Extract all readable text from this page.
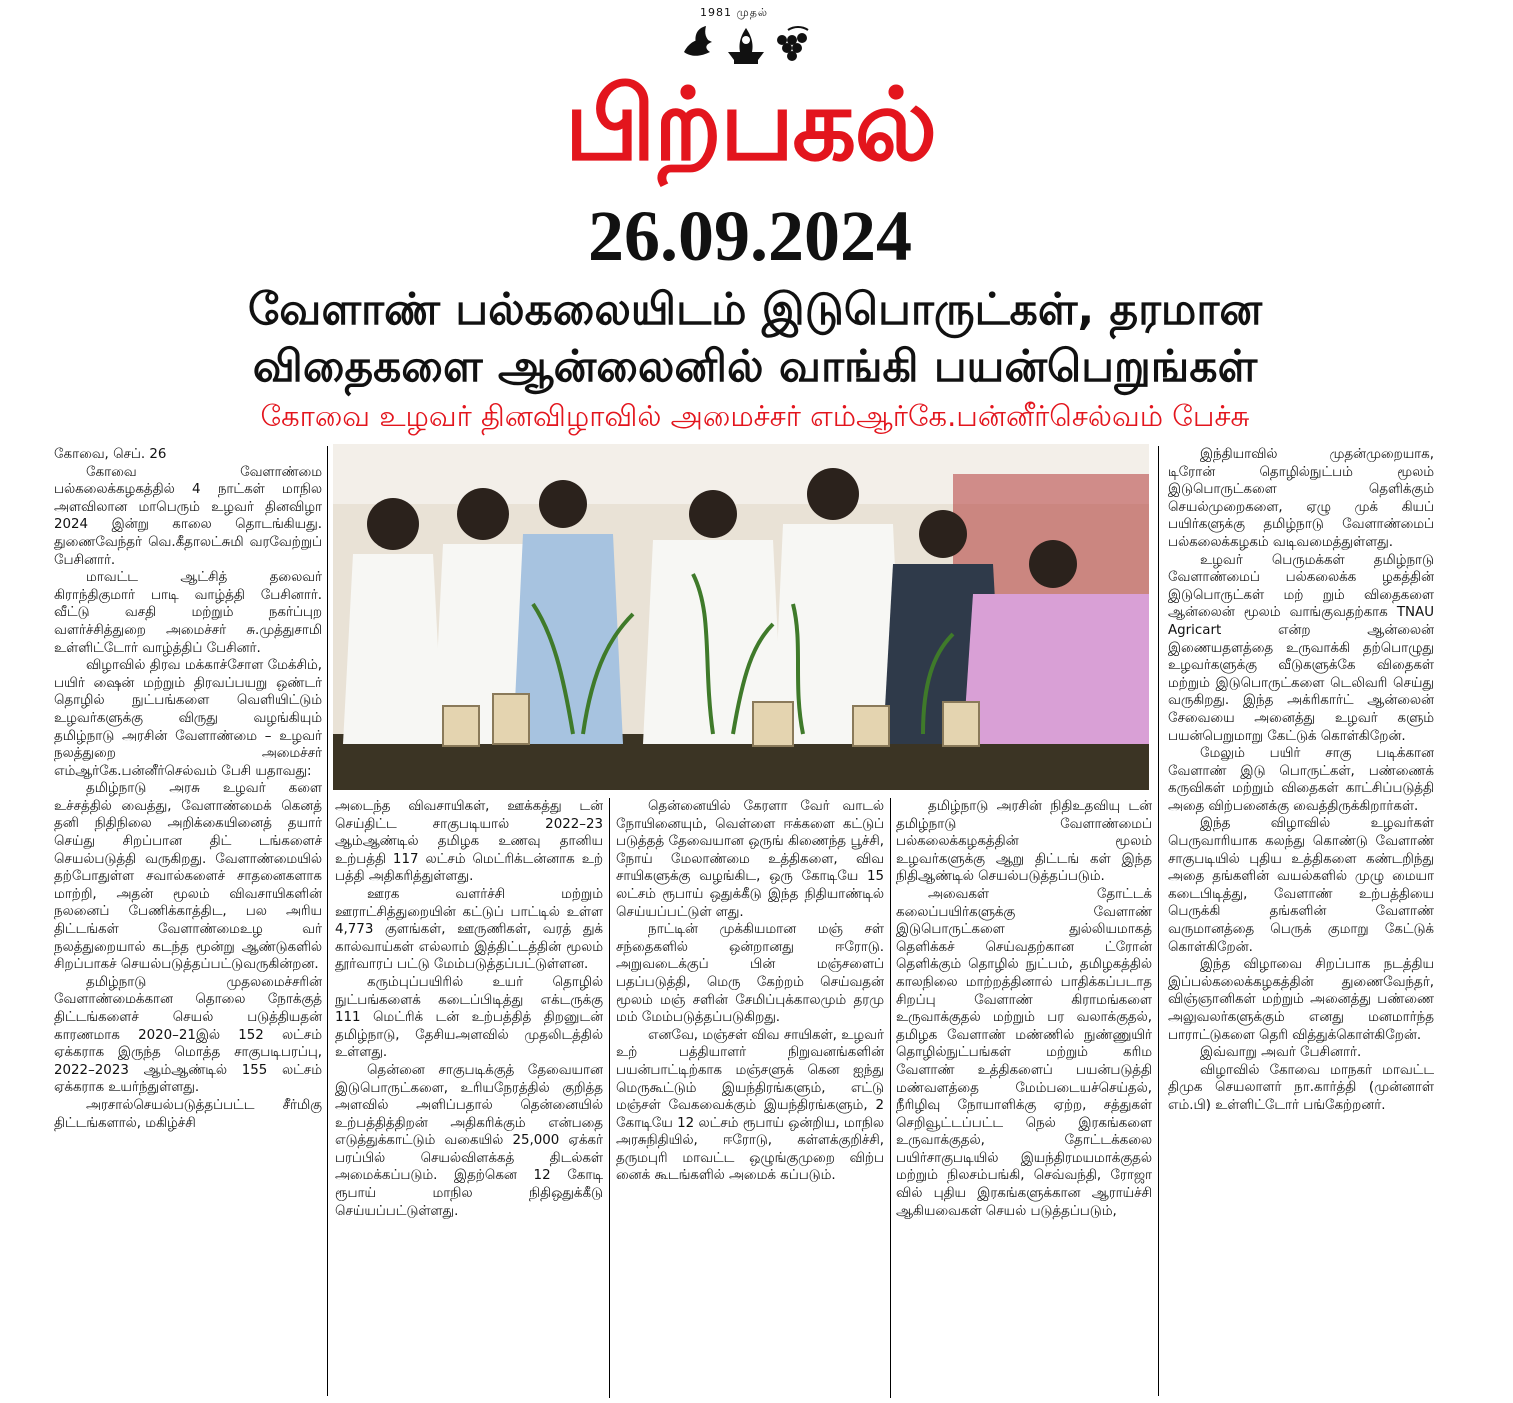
1981 முதல்
பிற்பகல்
26.09.2024
வேளாண் பல்கலையிடம் இடுபொருட்கள், தரமான
விதைகளை ஆன்லைனில் வாங்கி பயன்பெறுங்கள்
கோவை உழவர் தினவிழாவில் அமைச்சர் எம்ஆர்கே.பன்னீர்செல்வம் பேச்சு

கோவை, செப். 26

கோவை வேளாண்மை பல்கலைக்கழகத்தில் 4 நாட்கள் மாநில அளவிலான மாபெரும் உழவர் தினவிழா 2024 இன்று காலை தொடங்கியது. துணைவேந்தர் வெ.கீதாலட்சுமி வரவேற்றுப் பேசினார்.

மாவட்ட ஆட்சித் தலைவர் கிராந்திகுமார் பாடி வாழ்த்தி பேசினார். வீட்டு வசதி மற்றும் நகர்ப்புற வளர்ச்சித்துறை அமைச்சர் சு.முத்துசாமி உள்ளிட்டோர் வாழ்த்திப் பேசினர்.

விழாவில் திரவ மக்காச்சோள மேக்சிம், பயிர் ஷைன் மற்றும் திரவப்பயறு ஒண்டர் தொழில் நுட்பங்களை வெளியிட்டும் உழவர்களுக்கு விருது வழங்கியும் தமிழ்நாடு அரசின் வேளாண்மை – உழவர் நலத்துறை அமைச்சர் எம்ஆர்கே.பன்னீர்செல்வம் பேசி யதாவது:

தமிழ்நாடு அரசு உழவர் களை உச்சத்தில் வைத்து, வேளாண்மைக் கெனத் தனி நிதிநிலை அறிக்கையினைத் தயார் செய்து சிறப்பான திட் டங்களைச் செயல்படுத்தி வருகிறது. வேளாண்மையில் தற்போதுள்ள சவால்களைச் சாதனைகளாக மாற்றி, அதன் மூலம் விவசாயிகளின் நலனைப் பேணிக்காத்திட, பல அரிய திட்டங்கள் வேளாண்மைஉழ வர் நலத்துறையால் கடந்த மூன்று ஆண்டுகளில் சிறப்பாகச் செயல்படுத்தப்பட்டுவருகின்றன.

தமிழ்நாடு முதலமைச்சரின் வேளாண்மைக்கான தொலை நோக்குத் திட்டங்களைச் செயல் படுத்தியதன் காரணமாக 2020–21இல் 152 லட்சம் ஏக்கராக இருந்த மொத்த சாகுபடிபரப்பு, 2022–2023 ஆம்ஆண்டில் 155 லட்சம் ஏக்கராக உயர்ந்துள்ளது.

அரசால்செயல்படுத்தப்பட்ட சீர்மிகு திட்டங்களால், மகிழ்ச்சி

அடைந்த விவசாயிகள், ஊக்கத்து டன் செய்திட்ட சாகுபடியால் 2022–23 ஆம்ஆண்டில் தமிழக உணவு தானிய உற்பத்தி 117 லட்சம் மெட்ரிக்டன்னாக உற் பத்தி அதிகரித்துள்ளது.

ஊரக வளர்ச்சி மற்றும் ஊராட்சித்துறையின் கட்டுப் பாட்டில் உள்ள 4,773 குளங்கள், ஊருணிகள், வரத் துக் கால்வாய்கள் எல்லாம் இத்திட்டத்தின் மூலம் தூர்வாரப் பட்டு மேம்படுத்தப்பட்டுள்ளன.

கரும்புப்பயிரில் உயர் தொழில் நுட்பங்களைக் கடைப்பிடித்து எக்டருக்கு 111 மெட்ரிக் டன் உற்பத்தித் திறனுடன் தமிழ்நாடு, தேசியஅளவில் முதலிடத்தில் உள்ளது.

தென்னை சாகுபடிக்குத் தேவையான இடுபொருட்களை, உரியநேரத்தில் குறித்த அளவில் அளிப்பதால் தென்னையில் உற்பத்தித்திறன் அதிகரிக்கும் என்பதை எடுத்துக்காட்டும் வகையில் 25,000 ஏக்கர் பரப்பில் செயல்விளக்கத் திடல்கள் அமைக்கப்படும். இதற்கென 12 கோடி ரூபாய் மாநில நிதிஒதுக்கீடு செய்யப்பட்டுள்ளது.

தென்னையில் கேரளா வேர் வாடல் நோயினையும், வெள்ளை ஈக்களை கட்டுப் படுத்தத் தேவையான ஒருங் கிணைந்த பூச்சி, நோய் மேலாண்மை உத்திகளை, விவ சாயிகளுக்கு வழங்கிட, ஒரு கோடியே 15 லட்சம் ரூபாய் ஒதுக்கீடு இந்த நிதியாண்டில் செய்யப்பட்டுள் ளது.

நாட்டின் முக்கியமான மஞ் சள் சந்தைகளில் ஒன்றானது ஈரோடு. அறுவடைக்குப் பின் மஞ்சளைப் பதப்படுத்தி, மெரு கேற்றம் செய்வதன் மூலம் மஞ் சளின் சேமிப்புக்காலமும் தரமு மம் மேம்படுத்தப்படுகிறது.

எனவே, மஞ்சள் விவ சாயிகள், உழவர் உற் பத்தியாளர் நிறுவனங்களின் பயன்பாட்டிற்காக மஞ்சளுக் கென ஐந்து மெருகூட்டும் இயந்திரங்களும், எட்டு மஞ்சள் வேகவைக்கும் இயந்திரங்களும், 2 கோடியே 12 லட்சம் ரூபாய் ஒன்றிய, மாநில அரசுநிதியில், ஈரோடு, கள்ளக்குறிச்சி, தருமபுரி மாவட்ட ஒழுங்குமுறை விற்ப னைக் கூடங்களில் அமைக் கப்படும்.

தமிழ்நாடு அரசின் நிதிஉதவியு டன் தமிழ்நாடு வேளாண்மைப் பல்கலைக்கழகத்தின் மூலம் உழவர்களுக்கு ஆறு திட்டங் கள் இந்த நிதிஆண்டில் செயல்படுத்தப்படும்.

அவைகள் தோட்டக் கலைப்பயிர்களுக்கு வேளாண் இடுபொருட்களை துல்லியமாகத் தெளிக்கச் செய்வதற்கான ட்ரோன் தெளிக்கும் தொழில் நுட்பம், தமிழகத்தில் காலநிலை மாற்றத்தினால் பாதிக்கப்படாத சிறப்பு வேளாண் கிராமங்களை உருவாக்குதல் மற்றும் பர வலாக்குதல், தமிழக வேளாண் மண்ணில் நுண்ணுயிர் தொழில்நுட்பங்கள் மற்றும் கரிம வேளாண் உத்திகளைப் பயன்படுத்தி மண்வளத்தை மேம்படையச்செய்தல், நீரிழிவு நோயாளிக்கு ஏற்ற, சத்துகள் செறிவூட்டப்பட்ட நெல் இரகங்களை உருவாக்குதல், தோட்டக்கலை பயிர்சாகுபடியில் இயந்திரமயமாக்குதல் மற்றும் நிலசம்பங்கி, செவ்வந்தி, ரோஜா வில் புதிய இரகங்களுக்கான ஆராய்ச்சி ஆகியவைகள் செயல் படுத்தப்படும்,

இந்தியாவில் முதன்முறையாக, டிரோன் தொழில்நுட்பம் மூலம் இடுபொருட்களை தெளிக்கும் செயல்முறைகளை, ஏழு முக் கியப் பயிர்களுக்கு தமிழ்நாடு வேளாண்மைப் பல்கலைக்கழகம் வடிவமைத்துள்ளது.

உழவர் பெருமக்கள் தமிழ்நாடு வேளாண்மைப் பல்கலைக்க ழகத்தின் இடுபொருட்கள் மற் றும் விதைகளை ஆன்லைன் மூலம் வாங்குவதற்காக TNAU Agricart என்ற ஆன்லைன் இணையதளத்தை உருவாக்கி தற்பொழுது உழவர்களுக்கு வீடுகளுக்கே விதைகள் மற்றும் இடுபொருட்களை டெலிவரி செய்து வருகிறது. இந்த அக்ரிகார்ட் ஆன்லைன் சேவையை அனைத்து உழவர் களும் பயன்பெறுமாறு கேட்டுக் கொள்கிறேன்.

மேலும் பயிர் சாகு படிக்கான வேளாண் இடு பொருட்கள், பண்ணைக் கருவிகள் மற்றும் விதைகள் காட்சிப்படுத்தி அதை விற்பனைக்கு வைத்திருக்கிறார்கள்.

இந்த விழாவில் உழவர்கள் பெருவாரியாக கலந்து கொண்டு வேளாண் சாகுபடியில் புதிய உத்திகளை கண்டறிந்து அதை தங்களின் வயல்களில் முழு மையா கடைபிடித்து, வேளாண் உற்பத்தியை பெருக்கி தங்களின் வேளாண் வருமானத்தை பெருக் குமாறு கேட்டுக் கொள்கிறேன்.

இந்த விழாவை சிறப்பாக நடத்திய இப்பல்கலைக்கழகத்தின் துணைவேந்தர், விஞ்ஞானிகள் மற்றும் அனைத்து பண்ணை அலுவலர்களுக்கும் எனது மனமார்ந்த பாராட்டுகளை தெரி வித்துக்கொள்கிறேன்.

இவ்வாறு அவர் பேசினார்.

விழாவில் கோவை மாநகர் மாவட்ட திமுக செயலாளர் நா.கார்த்தி (முன்னாள் எம்.பி) உள்ளிட்டோர் பங்கேற்றனர்.
